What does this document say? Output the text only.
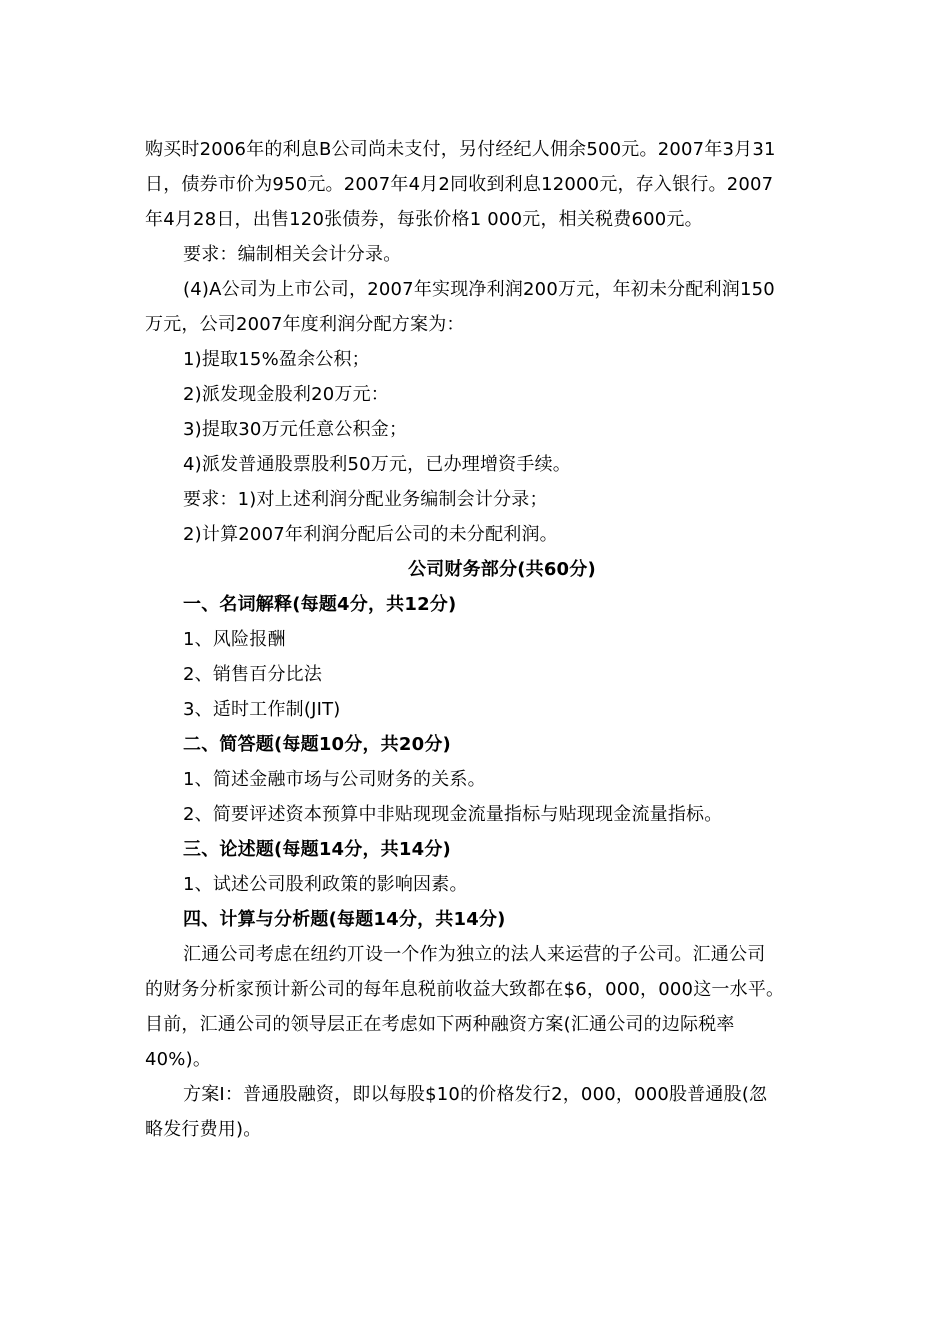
购买时2006年的利息B公司尚未支付，另付经纪人佣余500元。2007年3月31
日，债券市价为950元。2007年4月2同收到利息12000元，存入银行。2007
年4月28日，出售120张债券，每张价格1 000元，相关税费600元。
要求：编制相关会计分录。
(4)A公司为上市公司，2007年实现净利润200万元，年初未分配利润150
万元，公司2007年度利润分配方案为：
1)提取15%盈余公积；
2)派发现金股利20万元：
3)提取30万元任意公积金；
4)派发普通股票股利50万元，已办理增资手续。
要求：1)对上述利润分配业务编制会计分录；
2)计算2007年利润分配后公司的未分配利润。
公司财务部分(共60分)
一、名词解释(每题4分，共12分)
1、风险报酬
2、销售百分比法
3、适时工作制(JIT)
二、简答题(每题10分，共20分)
1、简述金融市场与公司财务的关系。
2、简要评述资本预算中非贴现现金流量指标与贴现现金流量指标。
三、论述题(每题14分，共14分)
1、试述公司股利政策的影响因素。
四、计算与分析题(每题14分，共14分)
汇通公司考虑在纽约丌设一个作为独立的法人来运营的子公司。汇通公司
的财务分析家预计新公司的每年息税前收益大致都在$6，000，000这一水平。
目前，汇通公司的领导层正在考虑如下两种融资方案(汇通公司的边际税率
40%)。
方案I：普通股融资，即以每股$10的价格发行2，000，000股普通股(忽
略发行费用)。
